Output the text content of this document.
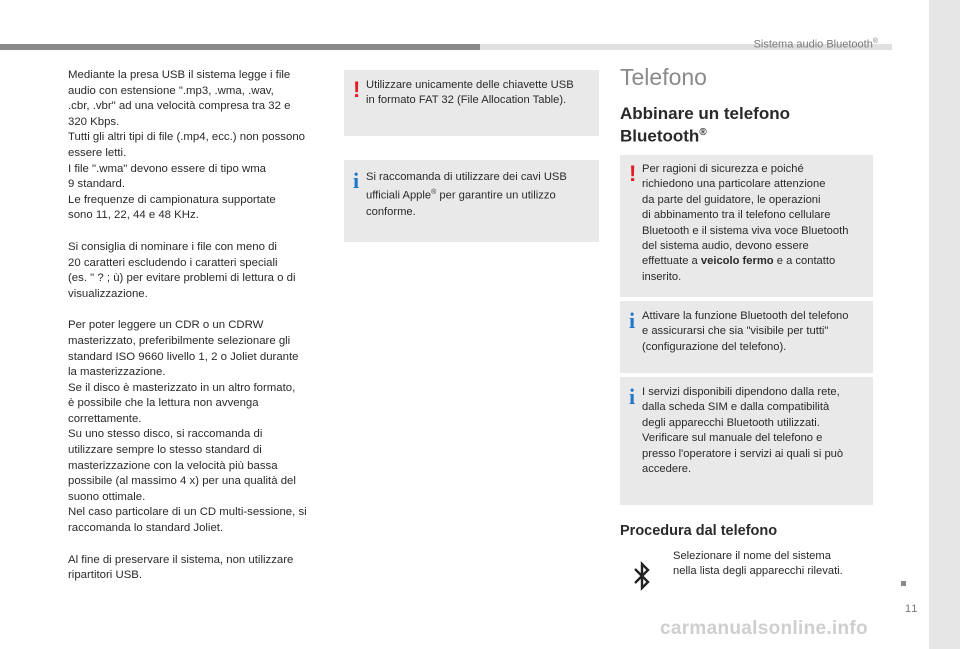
Sistema audio Bluetooth®

Mediante la presa USB il sistema legge i file
audio con estensione ".mp3, .wma, .wav,
.cbr, .vbr" ad una velocità compresa tra 32 e
320 Kbps.
Tutti gli altri tipi di file (.mp4, ecc.) non possono
essere letti.
I file ".wma" devono essere di tipo wma
9 standard.
Le frequenze di campionatura supportate
sono 11, 22, 44 e 48 KHz.

Si consiglia di nominare i file con meno di
20 caratteri escludendo i caratteri speciali
(es. " ? ; ù) per evitare problemi di lettura o di
visualizzazione.

Per poter leggere un CDR o un CDRW
masterizzato, preferibilmente selezionare gli
standard ISO 9660 livello 1, 2 o Joliet durante
la masterizzazione.
Se il disco è masterizzato in un altro formato,
è possibile che la lettura non avvenga
correttamente.
Su uno stesso disco, si raccomanda di
utilizzare sempre lo stesso standard di
masterizzazione con la velocità più bassa
possibile (al massimo 4 x) per una qualità del
suono ottimale.
Nel caso particolare di un CD multi-sessione, si
raccomanda lo standard Joliet.

Al fine di preservare il sistema, non utilizzare
ripartitori USB.

! Utilizzare unicamente delle chiavette USB
in formato FAT 32 (File Allocation Table).
i Si raccomanda di utilizzare dei cavi USB
ufficiali Apple® per garantire un utilizzo
conforme.
Telefono
Abbinare un telefono
Bluetooth®
! Per ragioni di sicurezza e poiché
richiedono una particolare attenzione
da parte del guidatore, le operazioni
di abbinamento tra il telefono cellulare
Bluetooth e il sistema viva voce Bluetooth
del sistema audio, devono essere
effettuate a veicolo fermo e a contatto
inserito.
i Attivare la funzione Bluetooth del telefono
e assicurarsi che sia "visibile per tutti"
(configurazione del telefono).
i I servizi disponibili dipendono dalla rete,
dalla scheda SIM e dalla compatibilità
degli apparecchi Bluetooth utilizzati.
Verificare sul manuale del telefono e
presso l'operatore i servizi ai quali si può
accedere.
Procedura dal telefono
Selezionare il nome del sistema
nella lista degli apparecchi rilevati.
11
carmanualsonline.info
